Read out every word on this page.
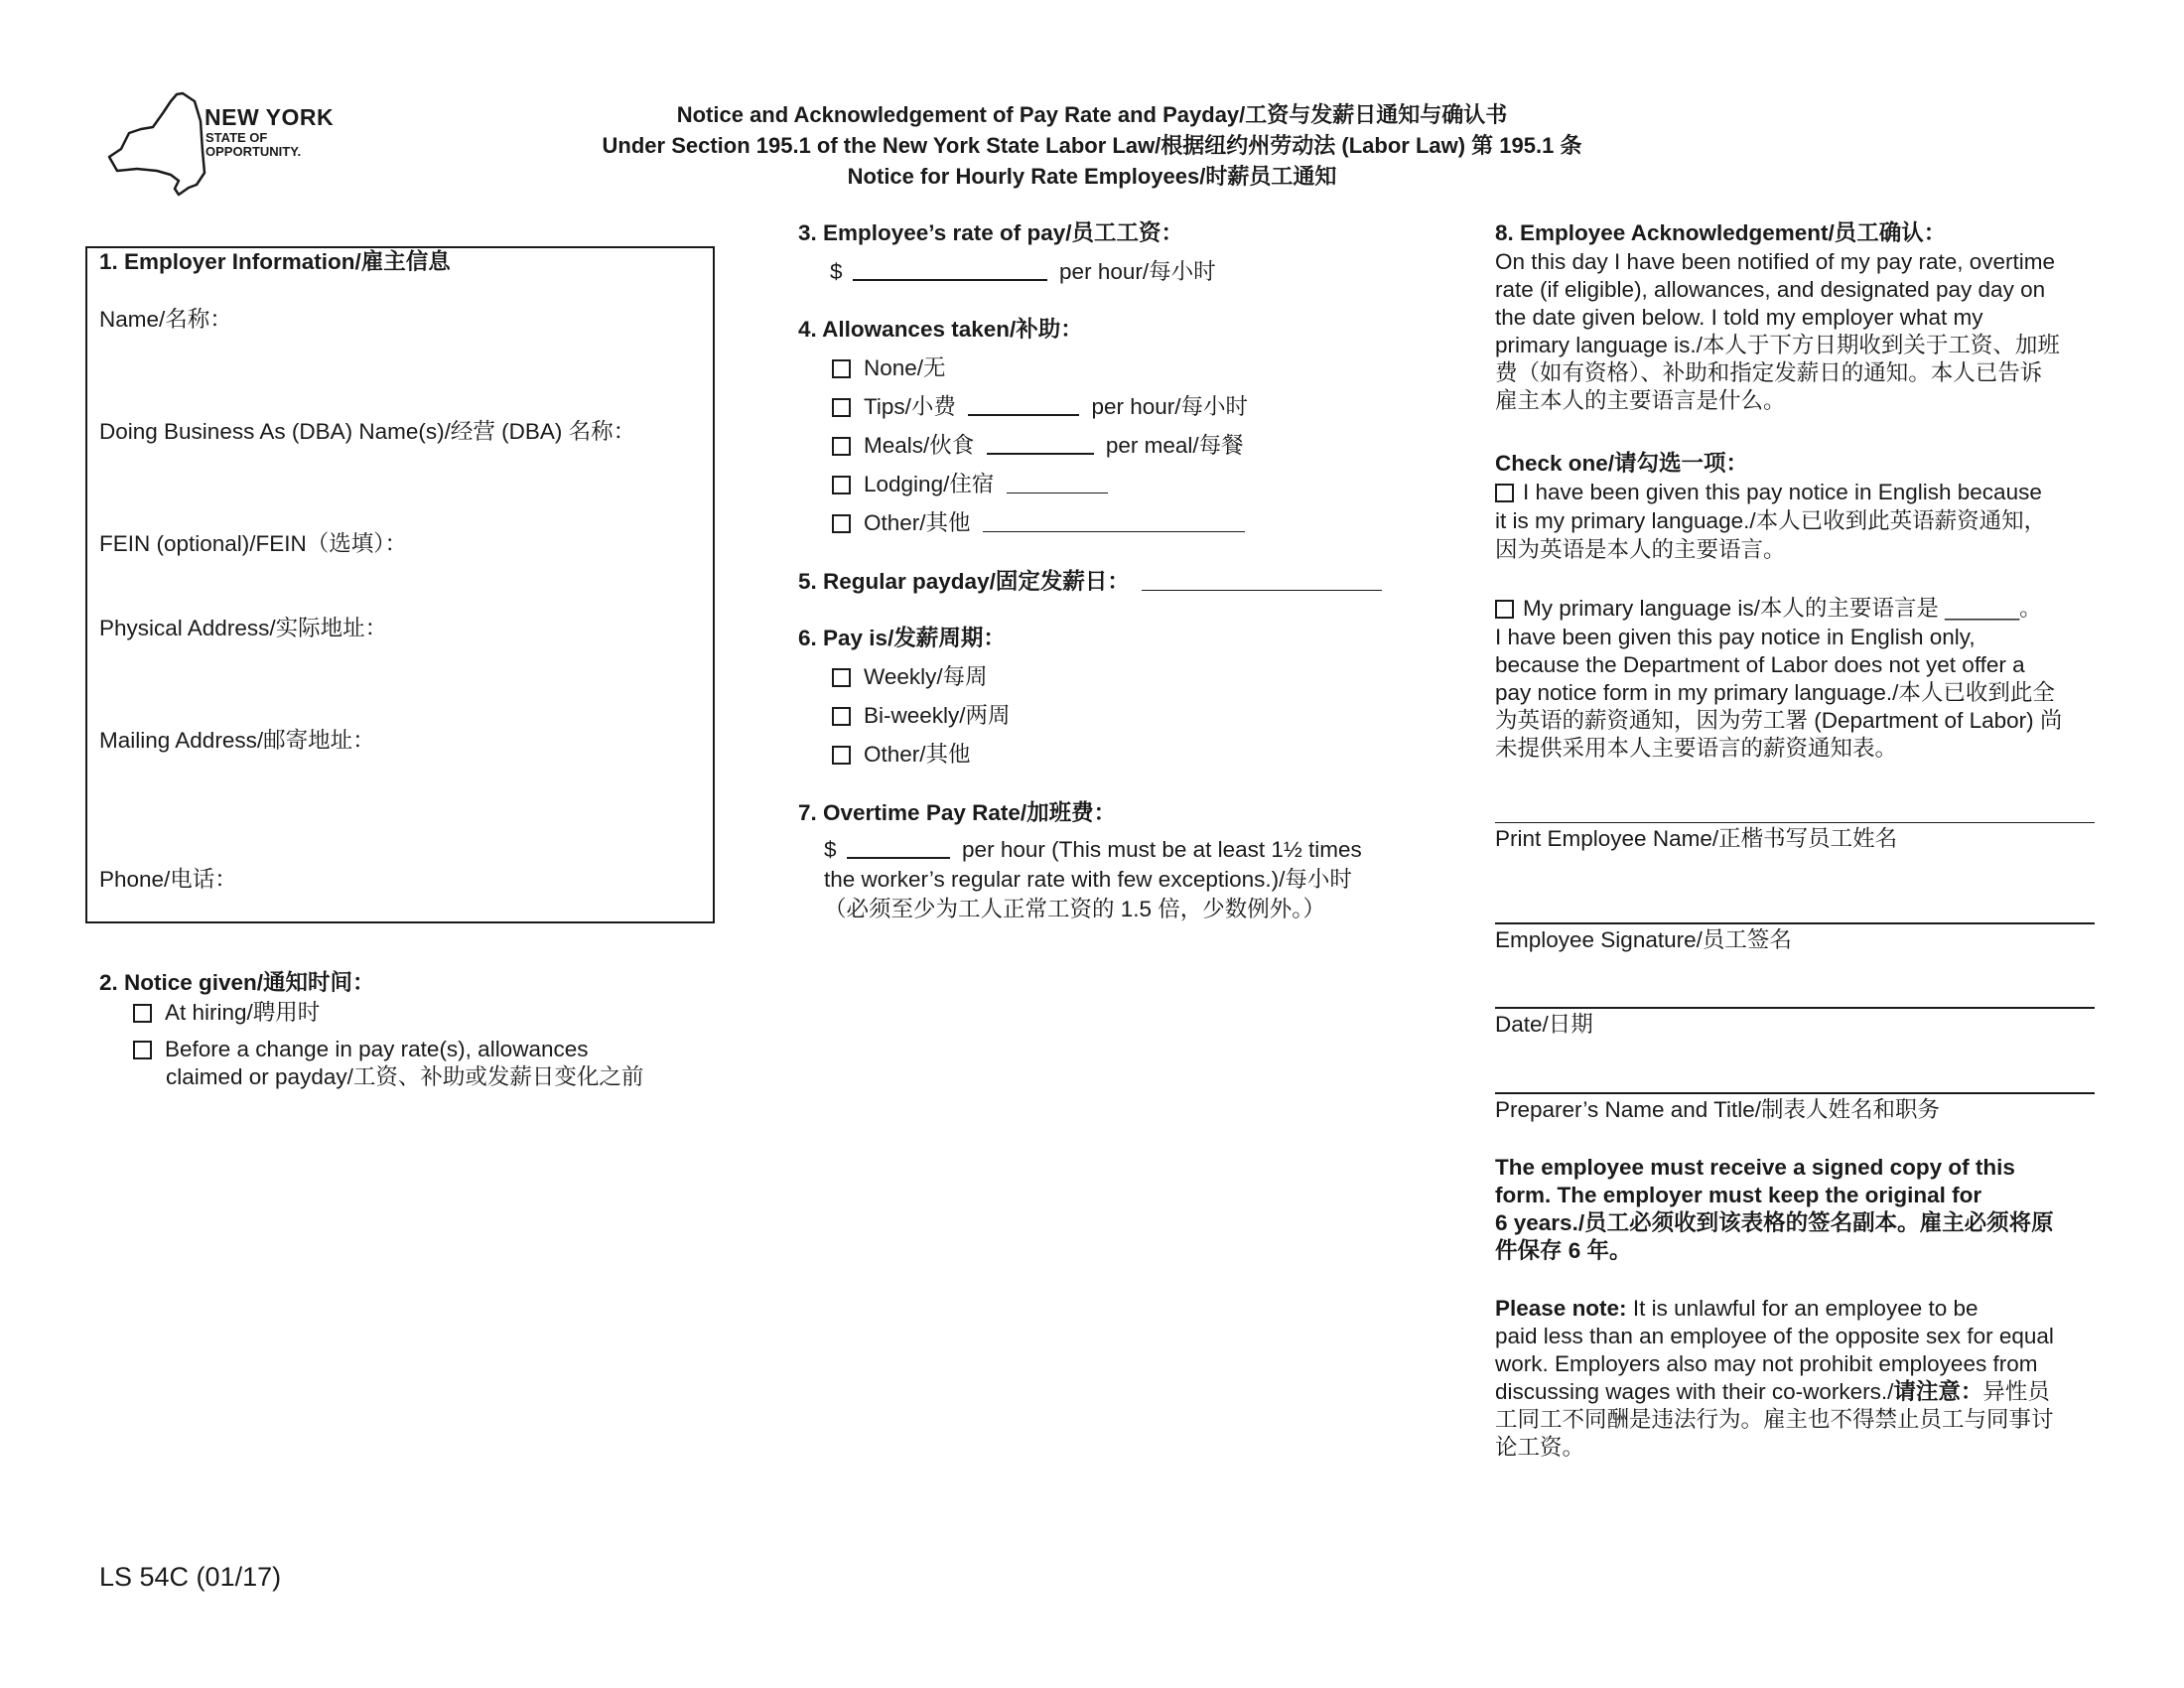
NEW YORK
STATE OF
OPPORTUNITY.
Notice and Acknowledgement of Pay Rate and Payday/工资与发薪日通知与确认书
Under Section 195.1 of the New York State Labor Law/根据纽约州劳动法 (Labor Law) 第 195.1 条
Notice for Hourly Rate Employees/时薪员工通知
1. Employer Information/雇主信息
Name/名称：
Doing Business As (DBA) Name(s)/经营 (DBA) 名称：
FEIN (optional)/FEIN（选填）：
Physical Address/实际地址：
Mailing Address/邮寄地址：
Phone/电话：
2. Notice given/通知时间：
At hiring/聘用时
Before a change in pay rate(s), allowances
claimed or payday/工资、补助或发薪日变化之前
3. Employee’s rate of pay/员工工资：
$	per hour/每小时
4. Allowances taken/补助：
None/无
Tips/小费	per hour/每小时
Meals/伙食	per meal/每餐
Lodging/住宿
Other/其他
5. Regular payday/固定发薪日：
6. Pay is/发薪周期：
Weekly/每周
Bi-weekly/两周
Other/其他
7. Overtime Pay Rate/加班费：
$	per hour (This must be at least 1½ times
the worker’s regular rate with few exceptions.)/每小时
（必须至少为工人正常工资的 1.5 倍，少数例外。）
8. Employee Acknowledgement/员工确认：
On this day I have been notified of my pay rate, overtime
rate (if eligible), allowances, and designated pay day on
the date given below. I told my employer what my
primary language is./本人于下方日期收到关于工资、加班
费（如有资格）、补助和指定发薪日的通知。本人已告诉
雇主本人的主要语言是什么。
Check one/请勾选一项：
I have been given this pay notice in English because
it is my primary language./本人已收到此英语薪资通知，
因为英语是本人的主要语言。
My primary language is/本人的主要语言是 ______。
I have been given this pay notice in English only,
because the Department of Labor does not yet offer a
pay notice form in my primary language./本人已收到此全
为英语的薪资通知，因为劳工署 (Department of Labor) 尚
未提供采用本人主要语言的薪资通知表。
Print Employee Name/正楷书写员工姓名
Employee Signature/员工签名
Date/日期
Preparer’s Name and Title/制表人姓名和职务
The employee must receive a signed copy of this
form. The employer must keep the original for
6 years./员工必须收到该表格的签名副本。雇主必须将原
件保存 6 年。
Please note: It is unlawful for an employee to be
paid less than an employee of the opposite sex for equal
work. Employers also may not prohibit employees from
discussing wages with their co-workers./请注意：异性员
工同工不同酬是违法行为。雇主也不得禁止员工与同事讨
论工资。
LS 54C (01/17)
